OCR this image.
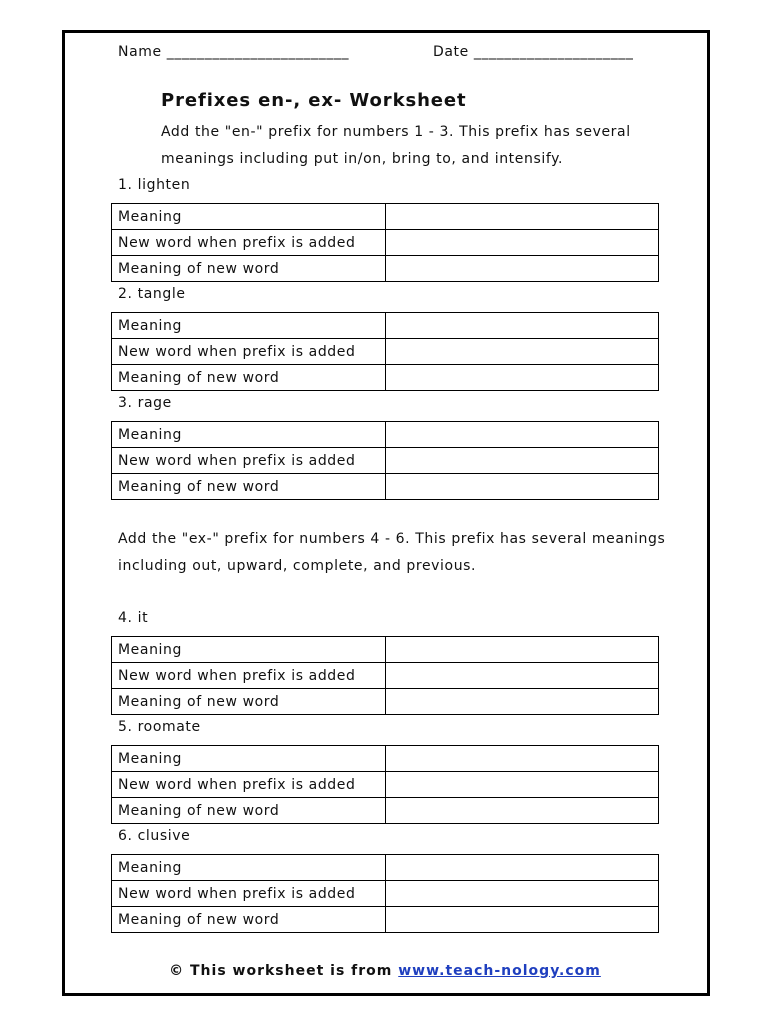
Name ________________________	Date _____________________
Prefixes en-, ex- Worksheet
Add the "en-" prefix for numbers 1 - 3. This prefix has several meanings including put in/on, bring to, and intensify.
1. lighten
Meaning	
New word when prefix is added	
Meaning of new word	
2. tangle
Meaning	
New word when prefix is added	
Meaning of new word	
3. rage
Meaning	
New word when prefix is added	
Meaning of new word	
Add the "ex-" prefix for numbers 4 - 6. This prefix has several meanings including out, upward, complete, and previous.
4. it
Meaning	
New word when prefix is added	
Meaning of new word	
5. roomate
Meaning	
New word when prefix is added	
Meaning of new word	
6. clusive
Meaning	
New word when prefix is added	
Meaning of new word	
© This worksheet is from www.teach-nology.com
